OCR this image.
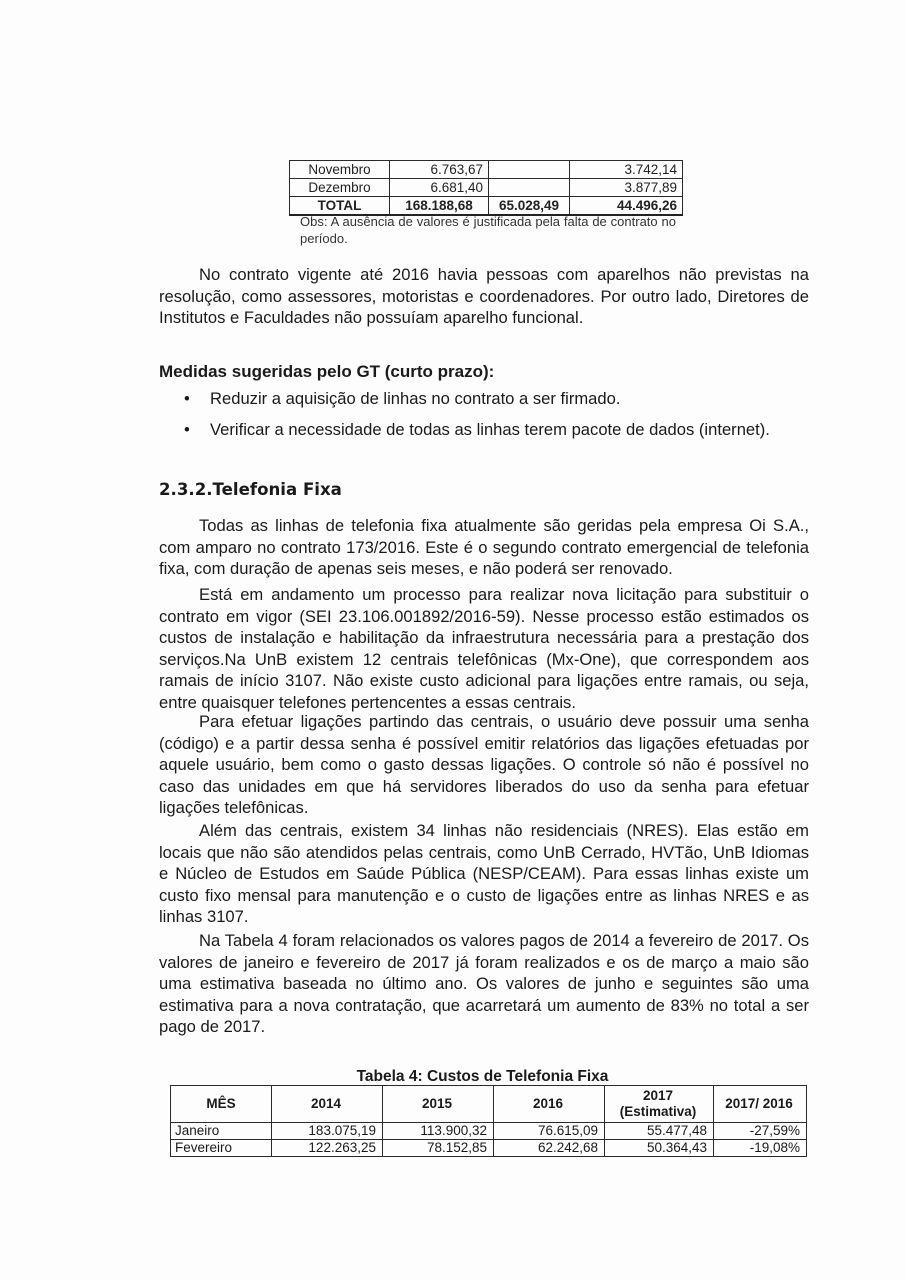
Novembro	6.763,67		3.742,14
Dezembro	6.681,40		3.877,89
TOTAL	168.188,68	65.028,49	44.496,26
Obs: A ausência de valores é justificada pela falta de contrato no período.

No contrato vigente até 2016 havia pessoas com aparelhos não previstas na resolução, como assessores, motoristas e coordenadores. Por outro lado, Diretores de Institutos e Faculdades não possuíam aparelho funcional.

Medidas sugeridas pelo GT (curto prazo):

• Reduzir a aquisição de linhas no contrato a ser firmado.
• Verificar a necessidade de todas as linhas terem pacote de dados (internet).
2.3.2.Telefonia Fixa

Todas as linhas de telefonia fixa atualmente são geridas pela empresa Oi S.A., com amparo no contrato 173/2016. Este é o segundo contrato emergencial de telefonia fixa, com duração de apenas seis meses, e não poderá ser renovado.

Está em andamento um processo para realizar nova licitação para substituir o contrato em vigor (SEI 23.106.001892/2016-59). Nesse processo estão estimados os custos de instalação e habilitação da infraestrutura necessária para a prestação dos serviços.Na UnB existem 12 centrais telefônicas (Mx-One), que correspondem aos ramais de início 3107. Não existe custo adicional para ligações entre ramais, ou seja, entre quaisquer telefones pertencentes a essas centrais.

Para efetuar ligações partindo das centrais, o usuário deve possuir uma senha (código) e a partir dessa senha é possível emitir relatórios das ligações efetuadas por aquele usuário, bem como o gasto dessas ligações. O controle só não é possível no caso das unidades em que há servidores liberados do uso da senha para efetuar ligações telefônicas.

Além das centrais, existem 34 linhas não residenciais (NRES). Elas estão em locais que não são atendidos pelas centrais, como UnB Cerrado, HVTão, UnB Idiomas e Núcleo de Estudos em Saúde Pública (NESP/CEAM). Para essas linhas existe um custo fixo mensal para manutenção e o custo de ligações entre as linhas NRES e as linhas 3107.

Na Tabela 4 foram relacionados os valores pagos de 2014 a fevereiro de 2017. Os valores de janeiro e fevereiro de 2017 já foram realizados e os de março a maio são uma estimativa baseada no último ano. Os valores de junho e seguintes são uma estimativa para a nova contratação, que acarretará um aumento de 83% no total a ser pago de 2017.

Tabela 4: Custos de Telefonia Fixa
MÊS	2014	2015	2016	2017 (Estimativa)	2017/ 2016
Janeiro	183.075,19	113.900,32	76.615,09	55.477,48	-27,59%
Fevereiro	122.263,25	78.152,85	62.242,68	50.364,43	-19,08%
